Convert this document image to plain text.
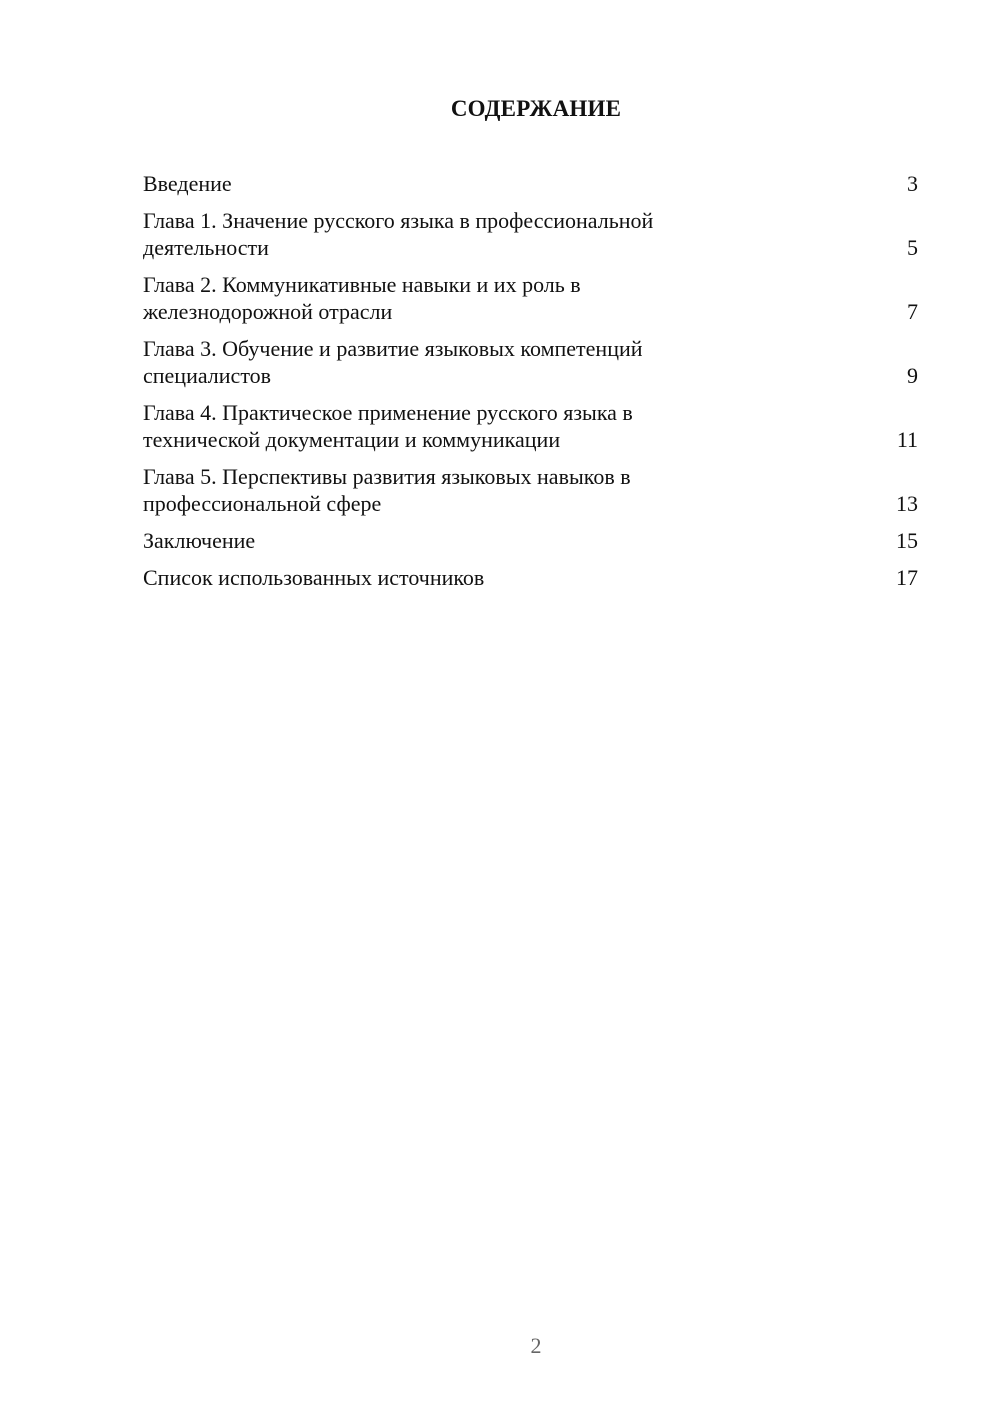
СОДЕРЖАНИЕ
Введение	3
Глава 1. Значение русского языка в профессиональной деятельности	5
Глава 2. Коммуникативные навыки и их роль в железнодорожной отрасли	7
Глава 3. Обучение и развитие языковых компетенций специалистов	9
Глава 4. Практическое применение русского языка в технической документации и коммуникации	11
Глава 5. Перспективы развития языковых навыков в профессиональной сфере	13
Заключение	15
Список использованных источников	17
2
